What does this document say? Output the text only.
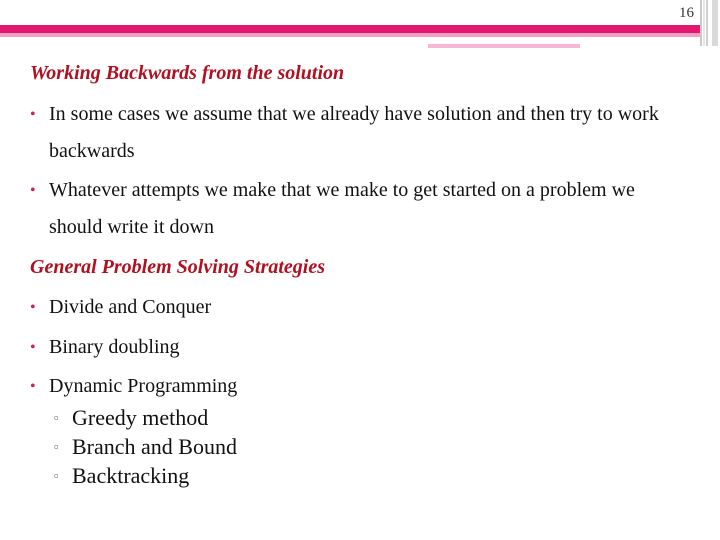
16
Working Backwards from the solution
• In some cases we assume that we already have solution and then try to work backwards
• Whatever attempts we make that we make to get started on a problem we should write it down
General Problem Solving Strategies
• Divide and Conquer
• Binary doubling
• Dynamic Programming
▫ Greedy method
▫ Branch and Bound
▫ Backtracking
